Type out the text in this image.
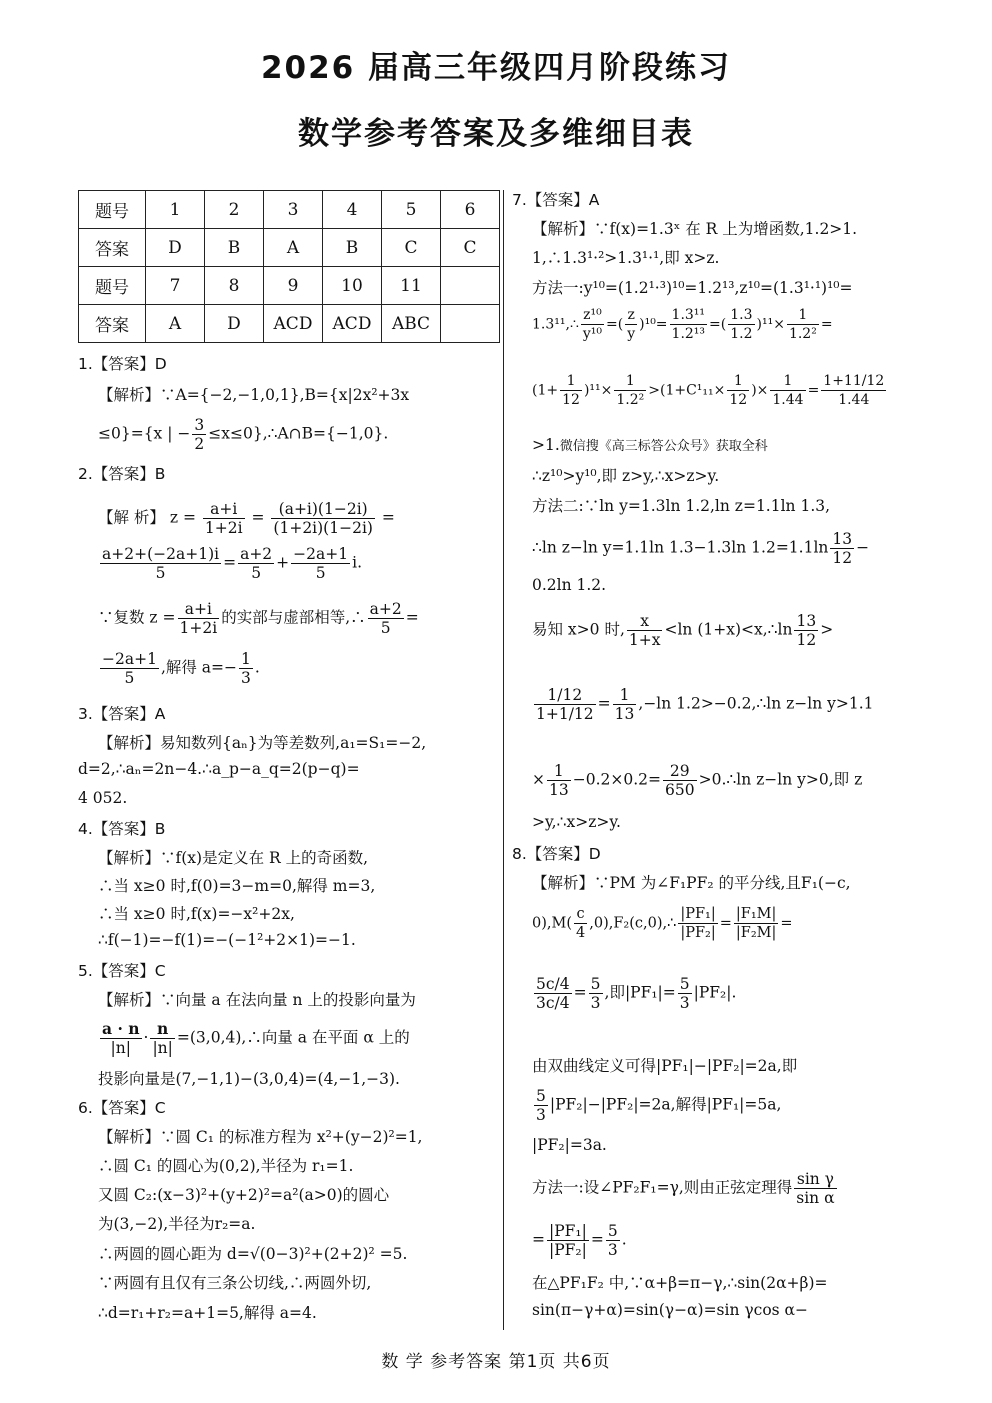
2026 届高三年级四月阶段练习
数学参考答案及多维细目表
题号	1	2	3	4	5	6
答案	D	B	A	B	C	C
题号	7	8	9	10	11	
答案	A	D	ACD	ACD	ABC	
1.【答案】D
【解析】∵A={−2,−1,0,1},B={x|2x²+3x
≤0}={x | − $\frac{3}{2}$ ≤x≤0},∴A∩B={−1,0}.
2.【答案】B
【解 析】 $z = \frac{a+i}{1+2i} = \frac{(a+i)(1-2i)}{(1+2i)(1-2i)}$ =
$\frac{a+2+(-2a+1)i}{5} = \frac{a+2}{5} + \frac{-2a+1}{5} i$.
∵复数 $z = \frac{a+i}{1+2i}$ 的实部与虚部相等,∴ $\frac{a+2}{5}$ =
$\frac{-2a+1}{5}$ ,解得 $a=- \frac{1}{3}$ .
3.【答案】A
【解析】易知数列{aₙ}为等差数列,a₁=S₁=−2,
d=2,∴aₙ=2n−4.∴a_p−a_q=2(p−q)=
4 052.
4.【答案】B
【解析】∵f(x)是定义在 R 上的奇函数,
∴当 x≥0 时,f(0)=3−m=0,解得 m=3,
∴当 x≥0 时,f(x)=−x²+2x,
∴f(−1)=−f(1)=−(−1²+2×1)=−1.
5.【答案】C
【解析】∵向量 a 在法向量 n 上的投影向量为
$\frac{a \cdot n}{|n|} \cdot \frac{n}{|n|}$ =(3,0,4),∴向量 a 在平面 α 上的
投影向量是(7,−1,1)−(3,0,4)=(4,−1,−3).
6.【答案】C
【解析】∵圆 C₁ 的标准方程为 x²+(y−2)²=1,
∴圆 C₁ 的圆心为(0,2),半径为 r₁=1.
又圆 C₂:(x−3)²+(y+2)²=a²(a>0)的圆心
为(3,−2),半径为r₂=a.
∴两圆的圆心距为 d=√(0−3)²+(2+2)² =5.
∵两圆有且仅有三条公切线,∴两圆外切,
∴d=r₁+r₂=a+1=5,解得 a=4.
7.【答案】A
【解析】∵f(x)=1.3ˣ 在 R 上为增函数,1.2>1.
1,∴1.3¹·²>1.3¹·¹,即 x>z.
方法一:y¹⁰=(1.2¹·³)¹⁰=1.2¹³,z¹⁰=(1.3¹·¹)¹⁰=
1.3¹¹,∴ $\frac{\text{z¹⁰}}{\text{y¹⁰}}$ =( $\frac{z}{y} )^{10}= \frac{\text{1.3¹¹}}{\text{1.2¹³}}$ =( $\frac{1.3}{1.2} )^{11}\times \frac{1}{\text{1.2²}}$ =
$(1+ \frac{1}{12} )^{11}\times \frac{1}{\text{1.2²}} >(1+C^1_{11}\times \frac{1}{12}$ )× $\frac{1}{1.44} = \frac{1+11/12}{1.44}$
>1.微信搜《高三标答公众号》获取全科
∴z¹⁰>y¹⁰,即 z>y,∴x>z>y.
方法二:∵ln y=1.3ln 1.2,ln z=1.1ln 1.3,
∴ln z−ln y=1.1ln 1.3−1.3ln $1.2=1.1\ln \frac{13}{12}$ −
0.2ln 1.2.
易知 x>0 时, $\frac{x}{1+x} <\ln$ (1+x)<x,∴ln $\frac{13}{12}$ >
$\frac{1/12}{1+1/12} = \frac{1}{13} ,-\ln$ 1.2>−0.2,∴ln z−ln y>1.1
× $\frac{1}{13} -0.2\times 0.2= \frac{29}{650}$ >0.∴ln z−ln y>0,即 z
>y,∴x>z>y.
8.【答案】D
【解析】∵PM 为∠F₁PF₂ 的平分线,且F₁(−c,
$0),M( \frac{c}{4}$ ,0),F₂(c,0),∴ $\frac{\text{|PF₁|}}{\text{|PF₂|}} = \frac{\text{|F₁M|}}{\text{|F₂M|}}$ =
$\frac{5c/4}{3c/4} = \frac{5}{3}$ ,即$|PF_1|= \frac{5}{3} |PF_2|$.
由双曲线定义可得|PF₁|−|PF₂|=2a,即
$\frac{5}{3} |PF_2|-|PF_2|=2a$,解得|PF₁|=5a,
|PF₂|=3a.
方法一:设∠PF₂F₁=γ,则由正弦定理得 $\frac{\text{sin γ}}{\text{sin α}}$
= $\frac{\text{|PF₁|}}{\text{|PF₂|}} = \frac{5}{3}$ .
在△PF₁F₂ 中,∵α+β=π−γ,∴sin(2α+β)=
sin(π−γ+α)=sin(γ−α)=sin γcos α−
数 学 参考答案 第1页 共6页
